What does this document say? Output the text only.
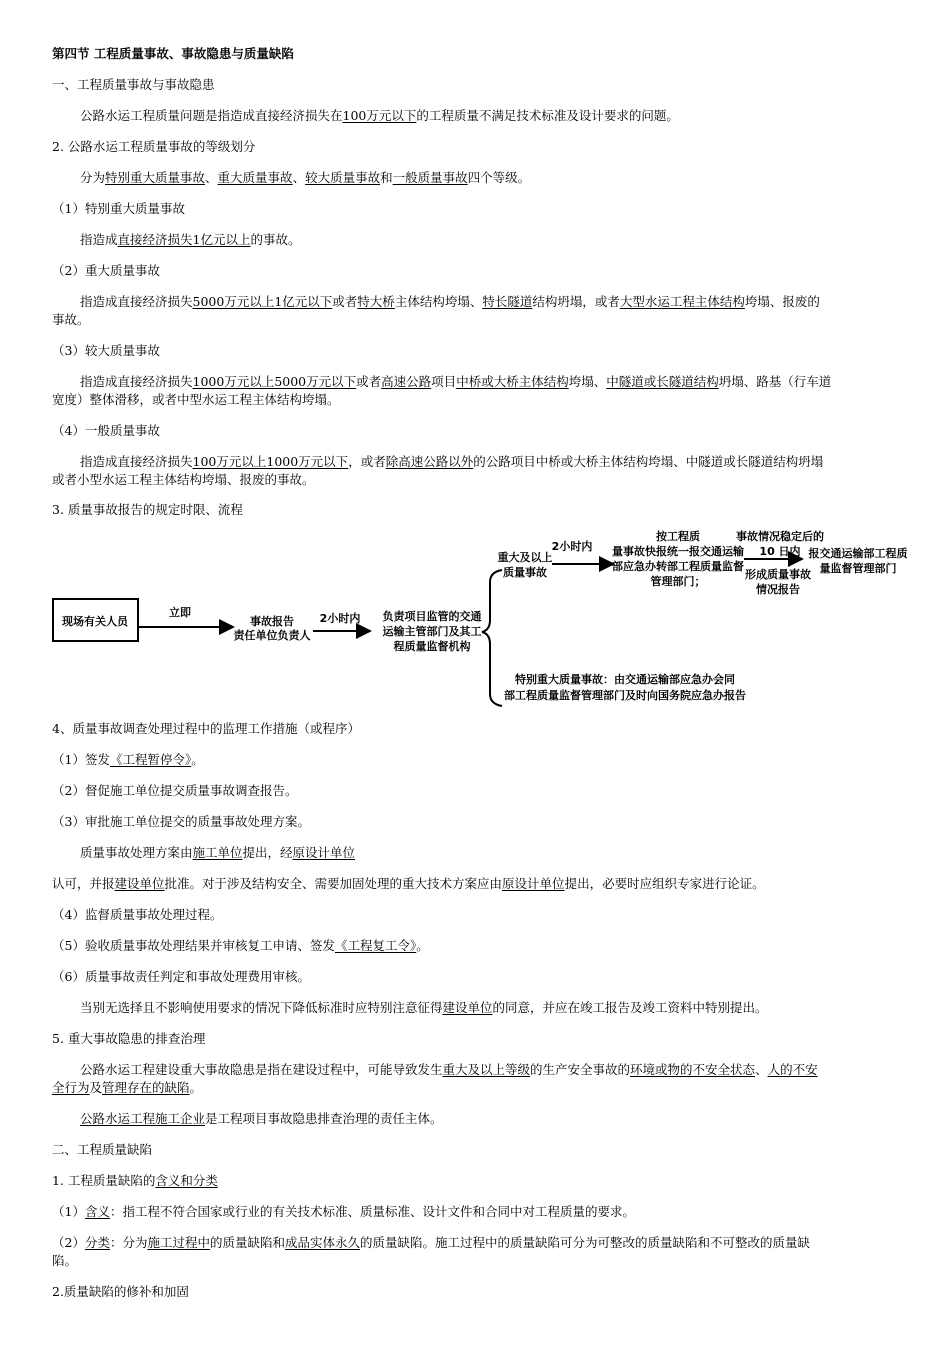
第四节 工程质量事故、事故隐患与质量缺陷
一、工程质量事故与事故隐患
公路水运工程质量问题是指造成直接经济损失在100万元以下的工程质量不满足技术标准及设计要求的问题。
2. 公路水运工程质量事故的等级划分
分为特别重大质量事故、重大质量事故、较大质量事故和一般质量事故四个等级。
（1）特别重大质量事故
指造成直接经济损失1亿元以上的事故。
（2）重大质量事故
指造成直接经济损失5000万元以上1亿元以下或者特大桥主体结构垮塌、特长隧道结构坍塌，或者大型水运工程主体结构垮塌、报废的
事故。
（3）较大质量事故
指造成直接经济损失1000万元以上5000万元以下或者高速公路项目中桥或大桥主体结构垮塌、中隧道或长隧道结构坍塌、路基（行车道
宽度）整体滑移，或者中型水运工程主体结构垮塌。
（4）一般质量事故
指造成直接经济损失100万元以上1000万元以下，或者除高速公路以外的公路项目中桥或大桥主体结构垮塌、中隧道或长隧道结构坍塌
或者小型水运工程主体结构垮塌、报废的事故。
3. 质量事故报告的规定时限、流程
现场有关人员
立即
事故报告
责任单位负责人
2小时内 负责项目监管的交通
运输主管部门及其工
程质量监督机构
重大及以上
质量事故
2小时内
按工程质
量事故快报统一报交通运输
部应急办转部工程质量监督
管理部门；
事故情况稳定后的
10 日内
形成质量事故
情况报告
报交通运输部工程质
量监督管理部门
特别重大质量事故：由交通运输部应急办会同
部工程质量监督管理部门及时向国务院应急办报告
4、质量事故调查处理过程中的监理工作措施（或程序）
（1）签发《工程暂停令》。
（2）督促施工单位提交质量事故调查报告。
（3）审批施工单位提交的质量事故处理方案。
质量事故处理方案由施工单位提出，经原设计单位
认可，并报建设单位批准。对于涉及结构安全、需要加固处理的重大技术方案应由原设计单位提出，必要时应组织专家进行论证。
（4）监督质量事故处理过程。
（5）验收质量事故处理结果并审核复工申请、签发《工程复工令》。
（6）质量事故责任判定和事故处理费用审核。
当别无选择且不影响使用要求的情况下降低标准时应特别注意征得建设单位的同意，并应在竣工报告及竣工资料中特别提出。
5. 重大事故隐患的排查治理
公路水运工程建设重大事故隐患是指在建设过程中，可能导致发生重大及以上等级的生产安全事故的环境或物的不安全状态、人的不安
全行为及管理存在的缺陷。
公路水运工程施工企业是工程项目事故隐患排查治理的责任主体。
二、工程质量缺陷
1. 工程质量缺陷的含义和分类
（1）含义：指工程不符合国家或行业的有关技术标准、质量标准、设计文件和合同中对工程质量的要求。
（2）分类：分为施工过程中的质量缺陷和成品实体永久的质量缺陷。施工过程中的质量缺陷可分为可整改的质量缺陷和不可整改的质量缺
陷。
2.质量缺陷的修补和加固
